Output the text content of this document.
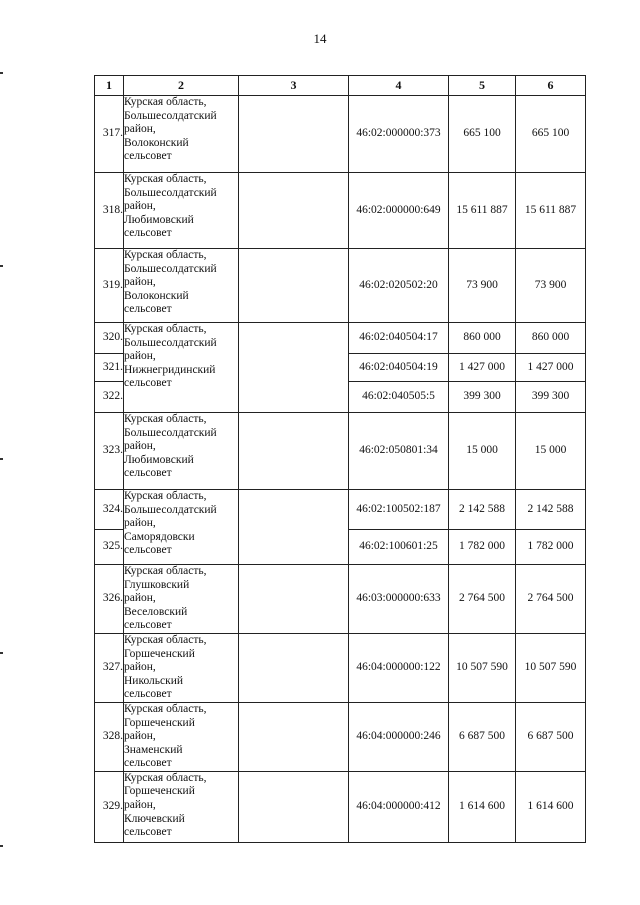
14
1	2	3	4	5	6
317.	Курская область,
Большесолдатский
район,
Волоконский
сельсовет		46:02:000000:373	665 100	665 100
318.	Курская область,
Большесолдатский
район,
Любимовский
сельсовет		46:02:000000:649	15 611 887	15 611 887
319.	Курская область,
Большесолдатский
район,
Волоконский
сельсовет		46:02:020502:20	73 900	73 900
320.	Курская область,
Большесолдатский
район,
Нижнегридинский
сельсовет		46:02:040504:17	860 000	860 000
321.			46:02:040504:19	1 427 000	1 427 000
322.			46:02:040505:5	399 300	399 300
323.	Курская область,
Большесолдатский
район,
Любимовский
сельсовет		46:02:050801:34	15 000	15 000
324.	Курская область,
Большесолдатский
район,
Саморядовски
сельсовет		46:02:100502:187	2 142 588	2 142 588
325.			46:02:100601:25	1 782 000	1 782 000
326.	Курская область,
Глушковский
район,
Веселовский
сельсовет		46:03:000000:633	2 764 500	2 764 500
327.	Курская область,
Горшеченский
район,
Никольский
сельсовет		46:04:000000:122	10 507 590	10 507 590
328.	Курская область,
Горшеченский
район,
Знаменский
сельсовет		46:04:000000:246	6 687 500	6 687 500
329.	Курская область,
Горшеченский
район,
Ключевский
сельсовет		46:04:000000:412	1 614 600	1 614 600
